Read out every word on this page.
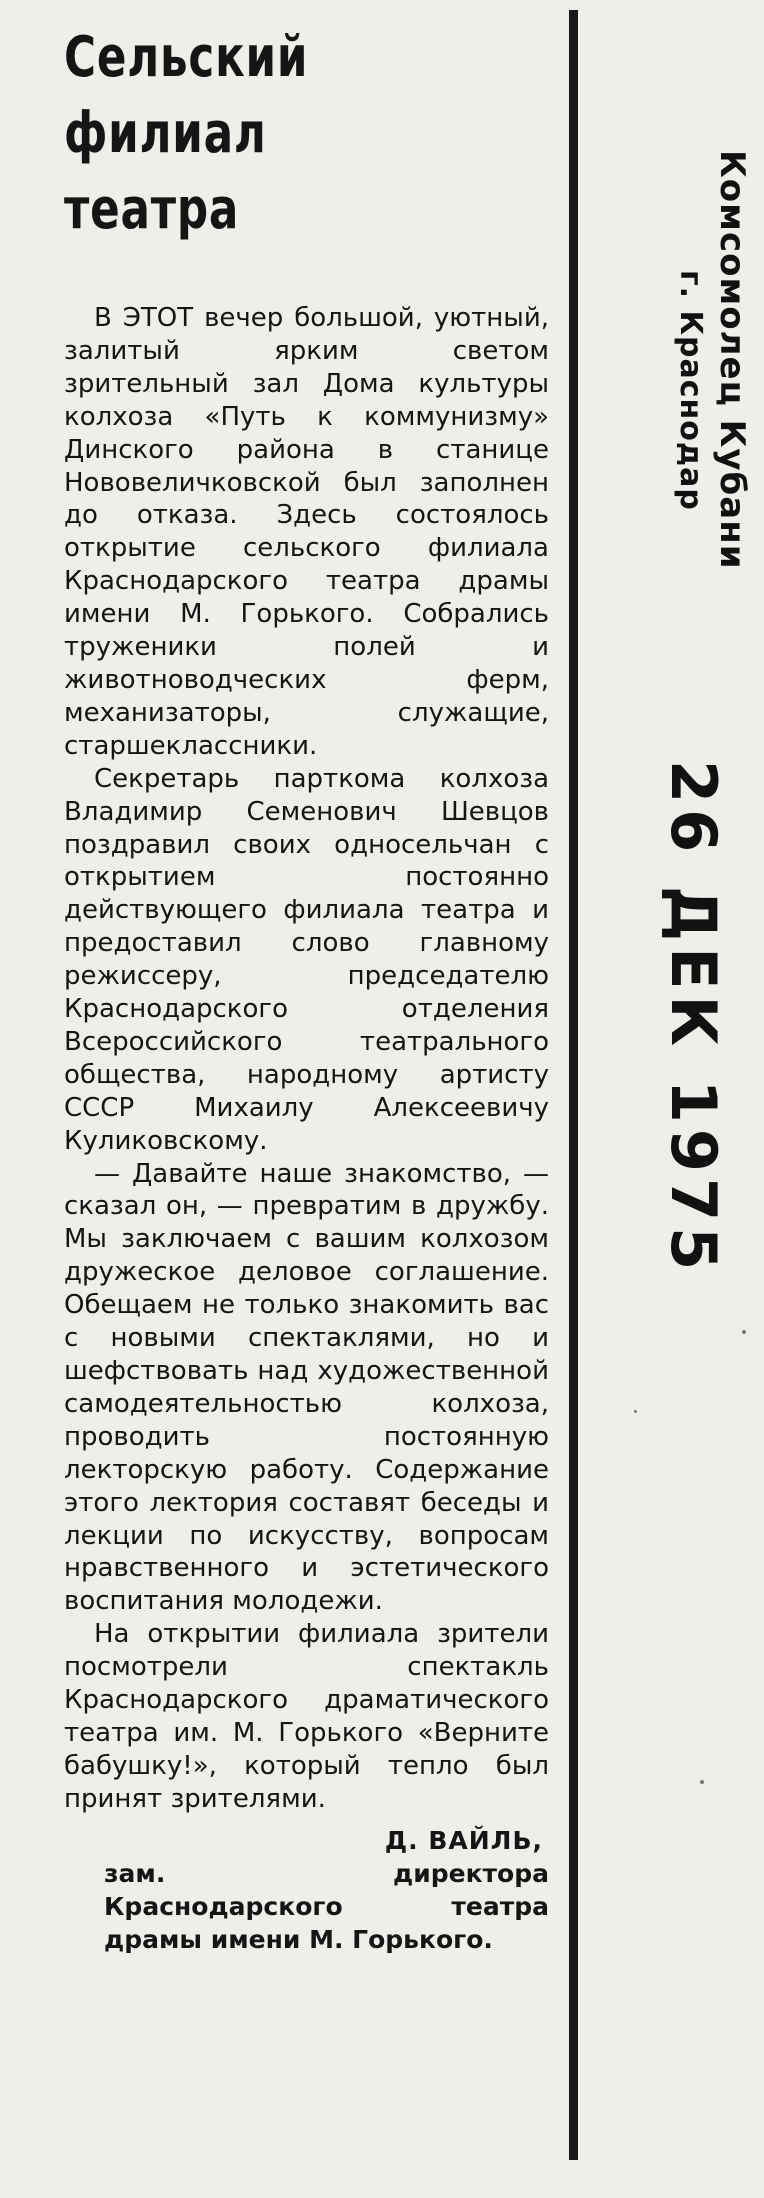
Сельский
филиал театра

В ЭТОТ вечер большой, уютный, залитый ярким светом зрительный зал Дома культуры колхоза «Путь к коммунизму» Динского района в станице Нововеличковской был заполнен до отказа. Здесь состоялось открытие сельского филиала Краснодарского театра драмы имени М. Горького. Собрались труженики полей и животноводческих ферм, механизаторы, служащие, старшеклассники.

Секретарь парткома колхоза Владимир Семенович Шевцов поздравил своих односельчан с открытием постоянно действующего филиала театра и предоставил слово главному режиссеру, председателю Краснодарского отделения Всероссийского театрального общества, народному артисту СССР Михаилу Алексеевичу Куликовскому.

— Давайте наше знакомство, — сказал он, — превратим в дружбу. Мы заключаем с вашим колхозом дружеское деловое соглашение. Обещаем не только знакомить вас с новыми спектаклями, но и шефствовать над художественной самодеятельностью колхоза, проводить постоянную лекторскую работу. Содержание этого лектория составят беседы и лекции по искусству, вопросам нравственного и эстетического воспитания молодежи.

На открытии филиала зрители посмотрели спектакль Краснодарского драматического театра им. М. Горького «Верните бабушку!», который тепло был принят зрителями.

Д. ВАЙЛЬ,
зам. директора Краснодарского театра драмы имени М. Горького.
Комсомолец Кубани
г. Краснодар
26 ДЕК 1975
